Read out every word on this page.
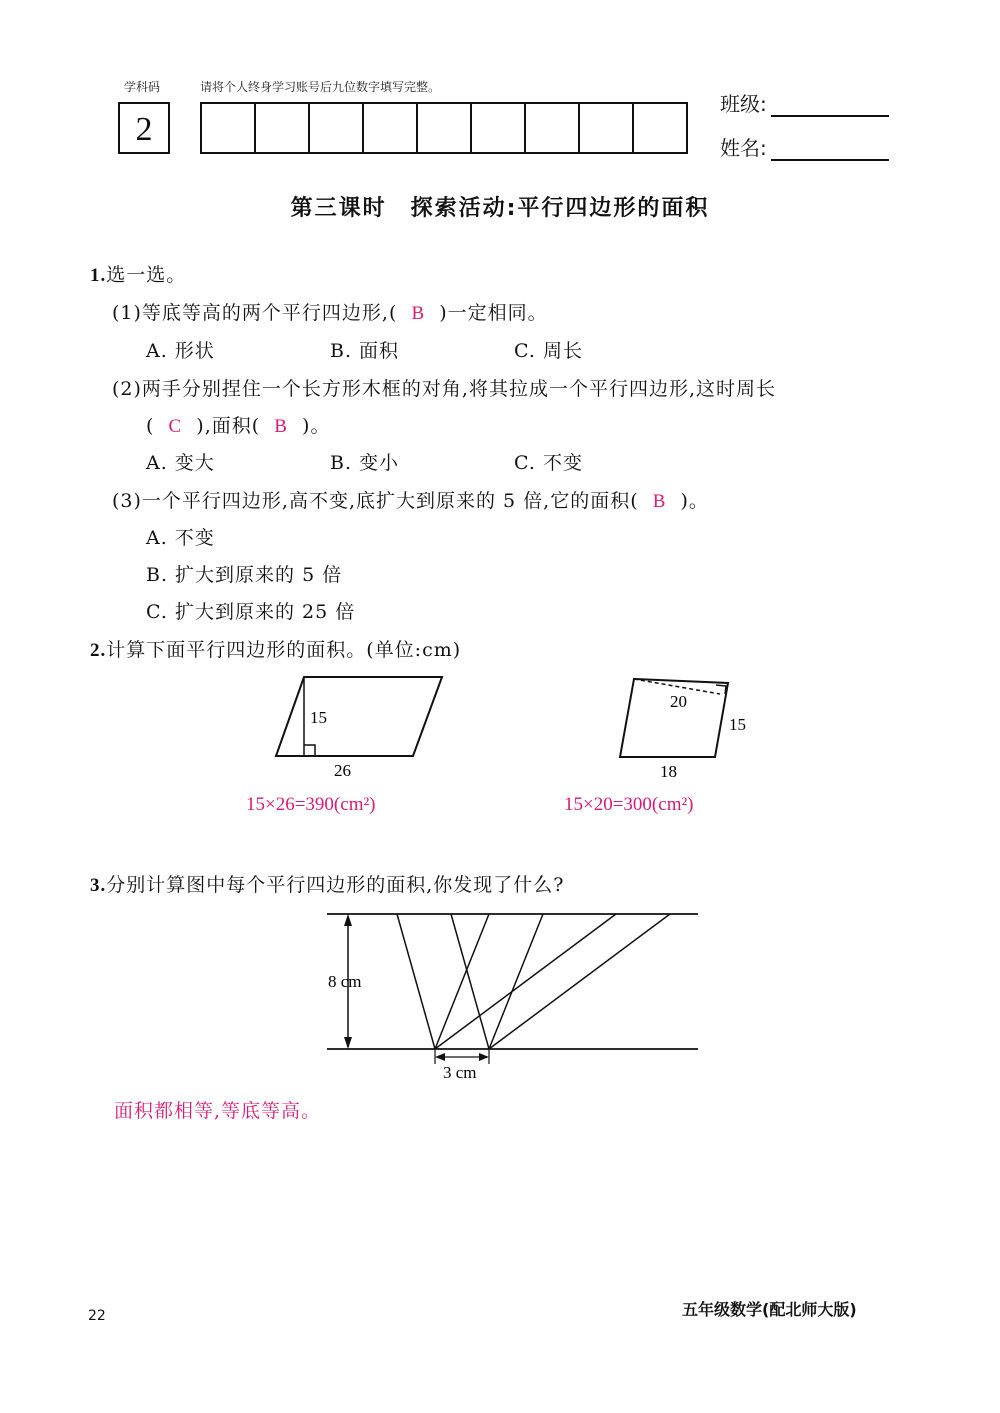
学科码	请将个人终身学习账号后九位数字填写完整。
2
班级:
姓名:
第三课时　探索活动:平行四边形的面积
1.选一选。
(1)等底等高的两个平行四边形,( B )一定相同。
A. 形状	B. 面积	C. 周长
(2)两手分别捏住一个长方形木框的对角,将其拉成一个平行四边形,这时周长
( C ),面积( B )。
A. 变大	B. 变小	C. 不变
(3)一个平行四边形,高不变,底扩大到原来的 5 倍,它的面积( B )。
A. 不变
B. 扩大到原来的 5 倍
C. 扩大到原来的 25 倍
2.计算下面平行四边形的面积。(单位:cm)
15
26
20
15
18
8 cm
3 cm
15×26=390(cm²)	15×20=300(cm²)
3.分别计算图中每个平行四边形的面积,你发现了什么?
面积都相等,等底等高。
22	五年级数学(配北师大版)
